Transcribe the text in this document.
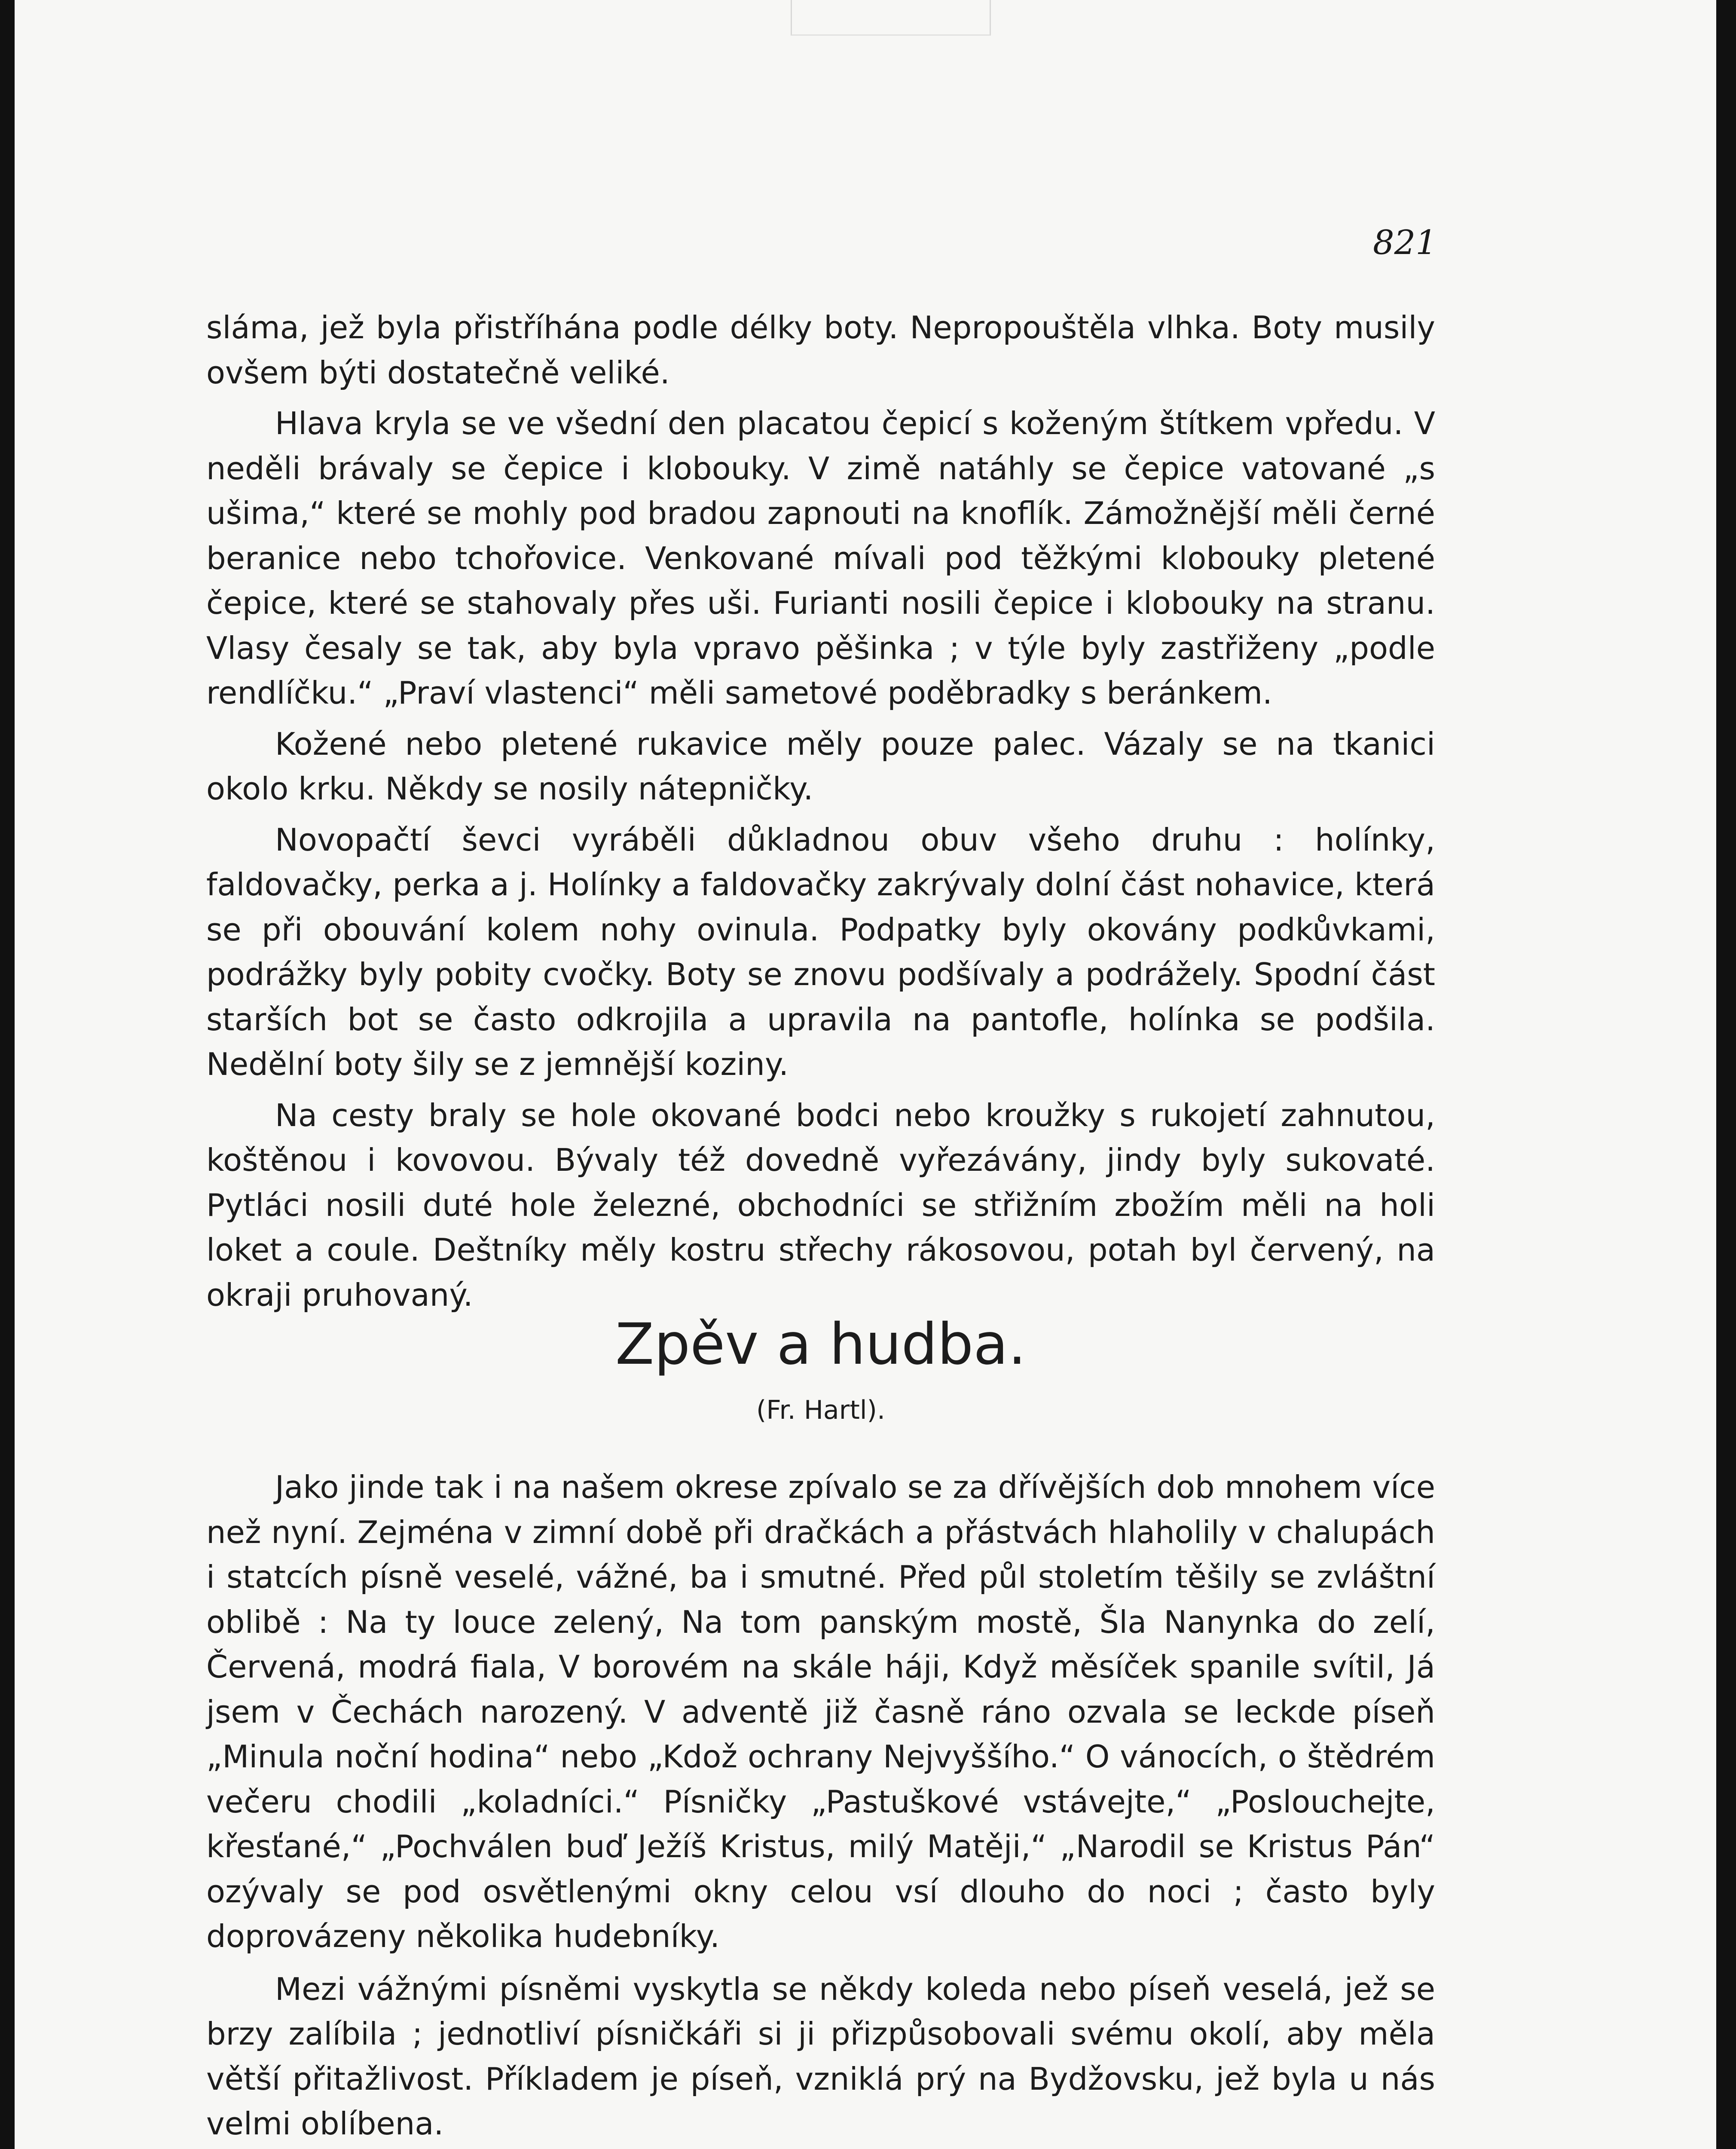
821

sláma, jež byla přistříhána podle délky boty. Nepropouštěla vlhka. Boty musily ovšem býti dostatečně veliké.

Hlava kryla se ve všední den placatou čepicí s koženým štítkem vpředu. V neděli brávaly se čepice i klobouky. V zimě natáhly se čepice vatované „s ušima,“ které se mohly pod bradou zapnouti na knoflík. Zámožnější měli černé beranice nebo tchořovice. Venkované mívali pod těžkými klobouky pletené čepice, které se stahovaly přes uši. Furianti nosili čepice i klobouky na stranu. Vlasy česaly se tak, aby byla vpravo pěšinka ; v týle byly zastřiženy „podle rendlíčku.“ „Praví vlastenci“ měli sametové poděbradky s beránkem.

Kožené nebo pletené rukavice měly pouze palec. Vázaly se na tkanici okolo krku. Někdy se nosily nátepničky.

Novopačtí ševci vyráběli důkladnou obuv všeho druhu : holínky, faldovačky, perka a j. Holínky a faldovačky zakrývaly dolní část nohavice, která se při obouvání kolem nohy ovinula. Podpatky byly okovány podkůvkami, podrážky byly pobity cvočky. Boty se znovu podšívaly a podrážely. Spodní část starších bot se často odkrojila a upravila na pantofle, holínka se podšila. Nedělní boty šily se z jemnější koziny.

Na cesty braly se hole okované bodci nebo kroužky s rukojetí zahnutou, koštěnou i kovovou. Bývaly též dovedně vyřezávány, jindy byly sukovaté. Pytláci nosili duté hole železné, obchodníci se střižním zbožím měli na holi loket a coule. Deštníky měly kostru střechy rákosovou, potah byl červený, na okraji pruhovaný.

Zpěv a hudba.

(Fr. Hartl).

Jako jinde tak i na našem okrese zpívalo se za dřívějších dob mnohem více než nyní. Zejména v zimní době při dračkách a přástvách hlaholily v chalupách i statcích písně veselé, vážné, ba i smutné. Před půl stoletím těšily se zvláštní oblibě : Na ty louce zelený, Na tom panským mostě, Šla Nanynka do zelí, Červená, modrá fiala, V borovém na skále háji, Když měsíček spanile svítil, Já jsem v Čechách narozený. V adventě již časně ráno ozvala se leckde píseň „Minula noční hodina“ nebo „Kdož ochrany Nejvyššího.“ O vánocích, o štědrém večeru chodili „koladníci.“ Písničky „Pastuškové vstávejte,“ „Poslouchejte, křesťané,“ „Pochválen buď Ježíš Kristus, milý Matěji,“ „Narodil se Kristus Pán“ ozývaly se pod osvětlenými okny celou vsí dlouho do noci ; často byly doprovázeny několika hudebníky.

Mezi vážnými písněmi vyskytla se někdy koleda nebo píseň veselá, jež se brzy zalíbila ; jednotliví písničkáři si ji přizpůsobovali svému okolí, aby měla větší přitažlivost. Příkladem je píseň, vzniklá prý na Bydžovsku, jež byla u nás velmi oblíbena.
